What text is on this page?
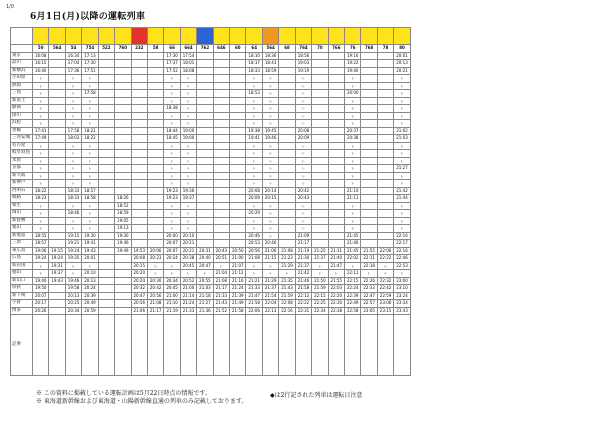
1/0
6月1日(月)以降の運転列車

	50	564	54	754	522	760	232	58	66	664	762	646	60	64	564	68	764	70	766	76	768	78	80
東京	16:08		16:34	17:13					17:30	17:54				18:10	18:36		18:56			19:16			20:01
品川	16:15		17:04	17:30					17:37	18:01				18:17	18:43		19:03			19:22			20:13
新横浜	16:40		17:36	17:51					17:52	18:08				18:33	18:59		19:19			19:40			20:21
小田原	ㇾ		ㇾ	ㇾ					ㇾ	ㇾ				ㇾ	ㇾ		ㇾ			ㇾ			ㇾ
熱海	ㇾ		ㇾ	ㇾ					ㇾ	ㇾ				ㇾ	ㇾ		ㇾ			ㇾ			ㇾ
三島	ㇾ		ㇾ	17:58					ㇾ	ㇾ				18:53	ㇾ		ㇾ			20:00			ㇾ
新富士	ㇾ		ㇾ	ㇾ					ㇾ	ㇾ				ㇾ	ㇾ		ㇾ			ㇾ			ㇾ
静岡	ㇾ		ㇾ	ㇾ					18:38	ㇾ				ㇾ	ㇾ		ㇾ			ㇾ			ㇾ
掛川	ㇾ		ㇾ	ㇾ					ㇾ	ㇾ				ㇾ	ㇾ		ㇾ			ㇾ			ㇾ
浜松	ㇾ		ㇾ	ㇾ					ㇾ	ㇾ				ㇾ	ㇾ		ㇾ			ㇾ			ㇾ
豊橋	17:41		17:56	18:21					18:44	19:00				19:38	19:45		20:08			20:37			21:02
三河安城	17:49		18:03	18:22					18:45	19:00				19:41	19:46		20:09			20:38			21:03
名古屋	ㇾ		ㇾ	ㇾ					ㇾ	ㇾ				ㇾ	ㇾ		ㇾ			ㇾ			ㇾ
岐阜羽島	ㇾ		ㇾ	ㇾ					ㇾ	ㇾ				ㇾ	ㇾ		ㇾ			ㇾ			ㇾ
米原	ㇾ		ㇾ	ㇾ					ㇾ	ㇾ				ㇾ	ㇾ		ㇾ			ㇾ			ㇾ
京都	ㇾ		ㇾ	ㇾ					ㇾ	ㇾ				ㇾ	ㇾ		ㇾ			ㇾ			21:27
新大阪	ㇾ		ㇾ	ㇾ					ㇾ	ㇾ				ㇾ	ㇾ		ㇾ			ㇾ			ㇾ
新神戸	ㇾ		ㇾ	ㇾ					ㇾ	ㇾ				ㇾ	ㇾ		ㇾ			ㇾ			ㇾ
西明石	18:22		18:33	18:57					19:23	19:36				20:08	20:14		20:42			21:10			21:42
姫路	18:23		18:33	18:58		18:26			19:23	19:37				20:09	20:15		20:43			21:11			21:44
相生	ㇾ		ㇾ	ㇾ		18:52			ㇾ	ㇾ				ㇾ	ㇾ		ㇾ			ㇾ			ㇾ
岡山	ㇾ		18:46	ㇾ		18:59			ㇾ	ㇾ				20:29	ㇾ		ㇾ			ㇾ			ㇾ
新倉敷	ㇾ		ㇾ	ㇾ		19:05			ㇾ	ㇾ				ㇾ	ㇾ		ㇾ			ㇾ			ㇾ
福山	ㇾ		ㇾ	ㇾ		19:13			ㇾ	ㇾ				ㇾ	ㇾ		ㇾ			ㇾ			ㇾ
新尾道	18:55		19:15	19:30		19:30			20:00	20:10				20:46	ㇾ		21:09			21:45			22:16
三原	18:57		19:21	19:41		19:46			20:07	20:21				20:53	20:46		21:17			21:46			22:17
東広島	19:06	19:15	19:24	19:43		19:49	19:53	20:06	20:07	20:21	20:31	20:43	20:50	20:56	21:06	21:08	21:19	21:25	21:31	21:45	21:55	22:06	22:16
広島	19:24	19:24	19:35	20:01			20:08	20:23	20:24	20:38	20:40	20:51	21:00	21:08	21:15	21:23	21:30	21:37	21:40	22:02	22:11	22:22	22:46
新岩国	ㇾ	19:31	ㇾ	ㇾ			20:15	ㇾ	ㇾ	20:45	20:47	ㇾ	21:07	ㇾ	ㇾ	21:29	21:37	ㇾ	21:47	ㇾ	22:18	ㇾ	22:53
徳山	ㇾ	19:37	ㇾ	20:10			20:20	ㇾ	ㇾ	ㇾ	ㇾ	21:04	21:12	ㇾ	ㇾ	ㇾ	21:42	ㇾ	ㇾ	22:11	ㇾ	ㇾ	ㇾ
新山口	19:40	19:43	19:46	20:13			20:24	20:30	20:34	20:52	20:55	21:08	21:16	21:21	21:29	21:35	21:46	21:50	21:55	22:15	22:26	22:32	23:00
厚狭	19:50		19:58	20:24			20:32	20:42	20:45	21:00	21:03	21:17	21:24	21:33	21:37	21:43	21:58	21:59	22:03	22:24	22:33	22:42	23:10
新下関	20:07		20:13	20:39			20:47	20:56	21:00	21:14	21:18	21:33	21:39	21:47	21:54	21:59	22:12	22:15	22:20	22:39	22:47	22:59	23:24
小倉	20:17		20:25	20:49			20:56	21:08	21:10	21:24	21:27	21:43	21:49	21:58	22:04	22:08	22:22	22:25	22:30	22:49	22:57	23:06	23:34
博多	20:26		20:34	20:59			21:06	21:17	21:19	21:33	21:36	21:52	21:58	22:06	22:13	22:16	22:31	22:34	22:38	22:58	23:05	23:15	23:43
記事																							
※ この資料に掲載している運転計画は5月22日時点の情報です。
※ 東海道新幹線および東海道・山陽新幹線直通の列車のみ記載しております。
◆は2行記された列車は運転日注意
